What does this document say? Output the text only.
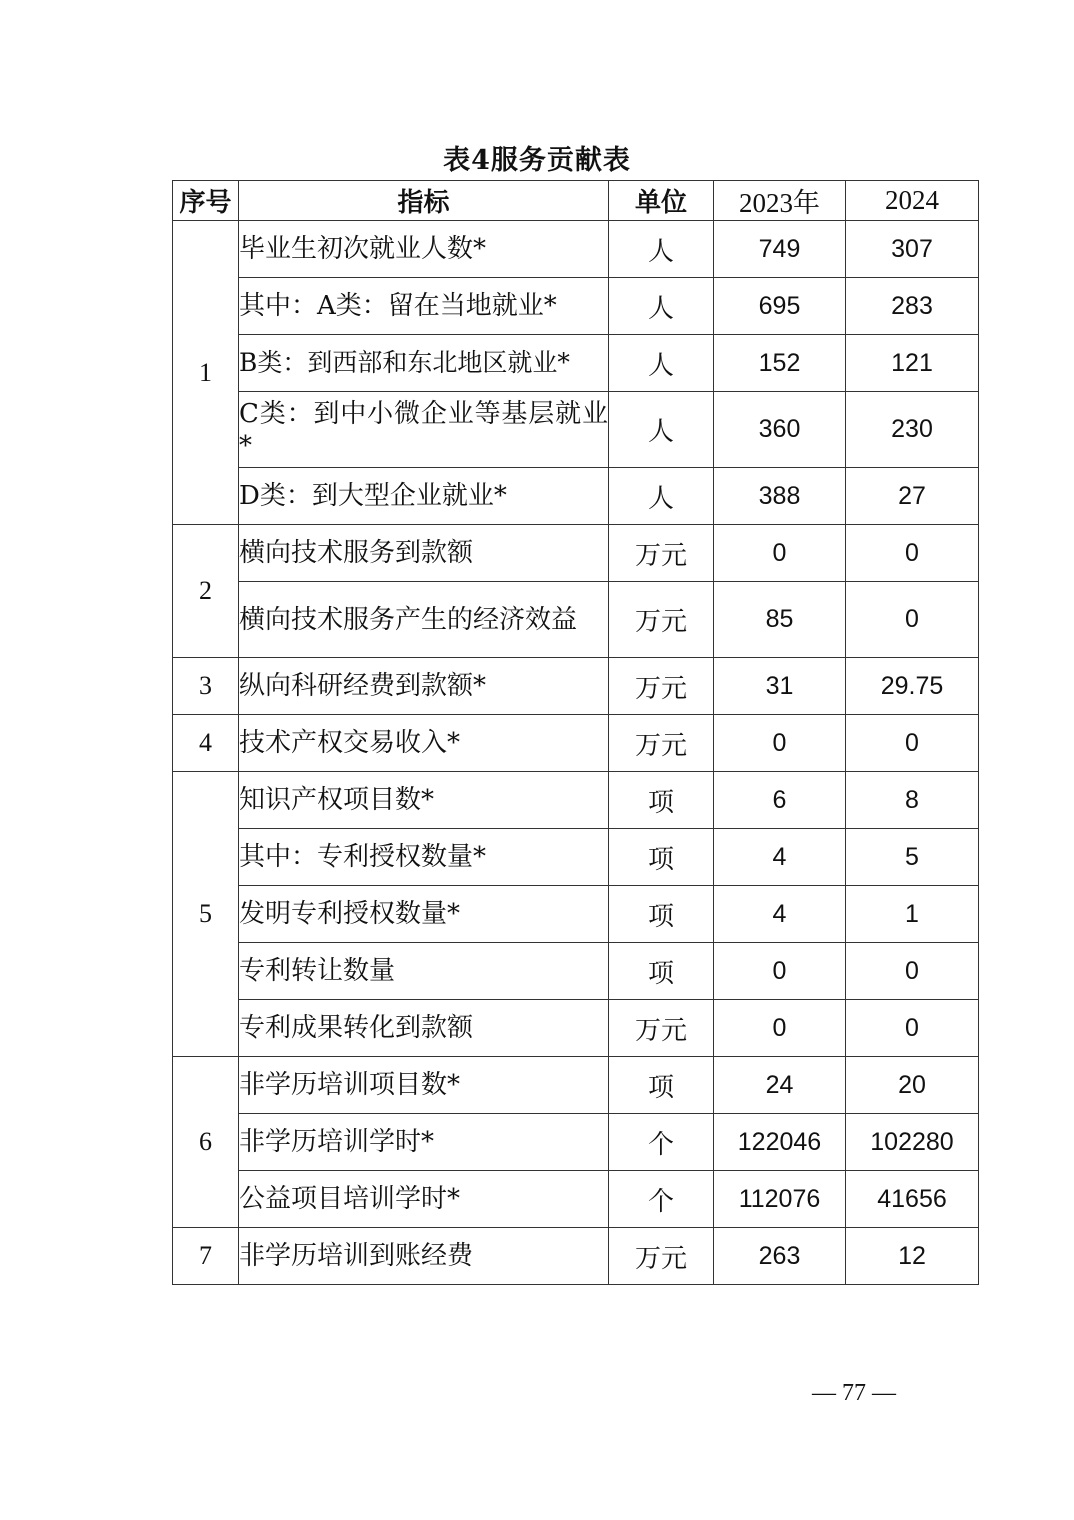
表4服务贡献表
序号	指标	单位	2023年	2024
1	毕业生初次就业人数*	人	749	307
	其中：A类：留在当地就业*	人	695	283
	B类：到西部和东北地区就业*	人	152	121
	C类：到中小微企业等基层就业*	人	360	230
	D类：到大型企业就业*	人	388	27
2	横向技术服务到款额	万元	0	0
	横向技术服务产生的经济效益	万元	85	0
3	纵向科研经费到款额*	万元	31	29.75
4	技术产权交易收入*	万元	0	0
5	知识产权项目数*	项	6	8
	其中：专利授权数量*	项	4	5
	发明专利授权数量*	项	4	1
	专利转让数量	项	0	0
	专利成果转化到款额	万元	0	0
6	非学历培训项目数*	项	24	20
	非学历培训学时*	个	122046	102280
	公益项目培训学时*	个	112076	41656
7	非学历培训到账经费	万元	263	12
— 77 —
